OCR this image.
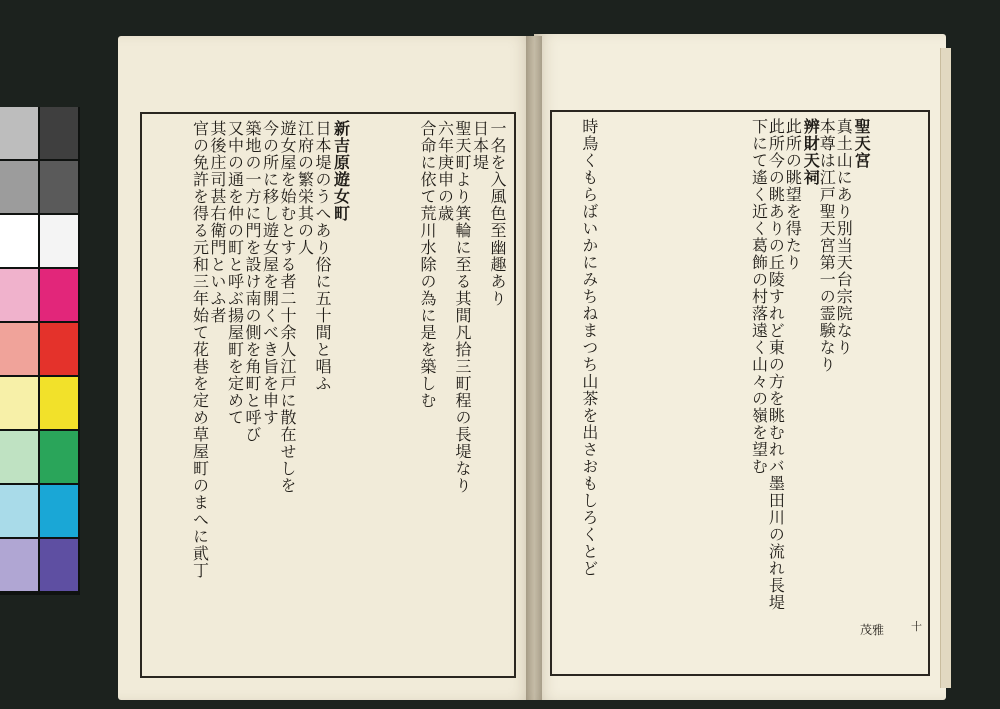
一名を入風色至幽趣あり
日本堤
聖天町より箕輪に至る其間凡拾三町程の長堤なり
六年庚申の歳
合命に依て荒川水除の為に是を築しむ
新吉原遊女町
日本堤のうへあり俗に五十間と唱ふ
江府の繁栄其の人
遊女屋を始むとする者二十余人江戸に散在せしを
今の所に移し遊女屋を開くべき旨を申す
築地の一方に門を設け南の側を角町と呼び
又中の通を仲の町と呼ぶ揚屋町を定めて
其後庄司甚右衛門といふ者
官の免許を得る元和三年始て花巷を定め草屋町のまへに貮丁	聖天宮
真土山にあり別当天台宗院なり
本尊は江戸聖天宮第一の霊験なり
辨財天祠
此所の眺望を得たり
此所今の眺ありの丘陵すれど東の方を眺むれバ墨田川の流れ長堤
下にて遙く近く葛飾の村落遠く山々の嶺を望む
時鳥くもらばいかにみちねまつち山茶を出さおもしろくとど
十
茂雅
